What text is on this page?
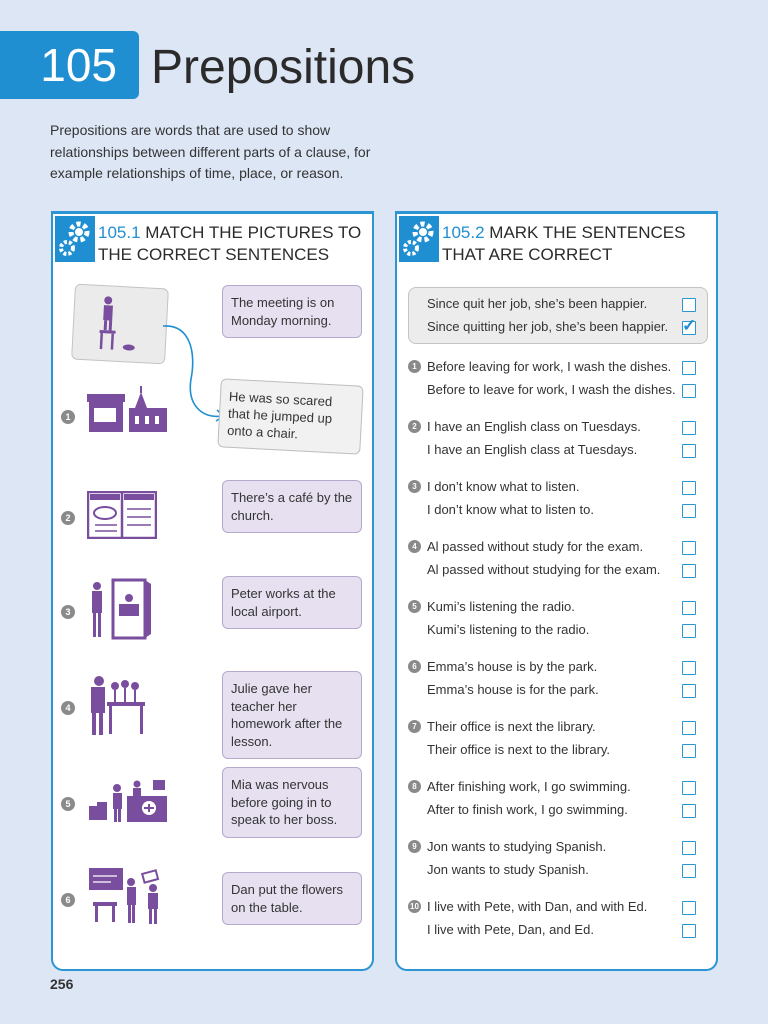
105 Prepositions
Prepositions are words that are used to show relationships between different parts of a clause, for example relationships of time, place, or reason.
105.1 MATCH THE PICTURES TO THE CORRECT SENTENCES
He was so scared that he jumped up onto a chair.
1
The meeting is on Monday morning.
2
There’s a café by the church.
3
Peter works at the local airport.
4
Julie gave her teacher her homework after the lesson.
5
Mia was nervous before going in to speak to her boss.
6
Dan put the flowers on the table.
105.2 MARK THE SENTENCES THAT ARE CORRECT
Since quit her job, she’s been happier.
Since quitting her job, she’s been happier. ✓
1 Before leaving for work, I wash the dishes.
Before to leave for work, I wash the dishes.
2 I have an English class on Tuesdays.
I have an English class at Tuesdays.
3 I don’t know what to listen.
I don’t know what to listen to.
4 Al passed without study for the exam.
Al passed without studying for the exam.
5 Kumi’s listening the radio.
Kumi’s listening to the radio.
6 Emma’s house is by the park.
Emma’s house is for the park.
7 Their office is next the library.
Their office is next to the library.
8 After finishing work, I go swimming.
After to finish work, I go swimming.
9 Jon wants to studying Spanish.
Jon wants to study Spanish.
10 I live with Pete, with Dan, and with Ed.
I live with Pete, Dan, and Ed.
256
